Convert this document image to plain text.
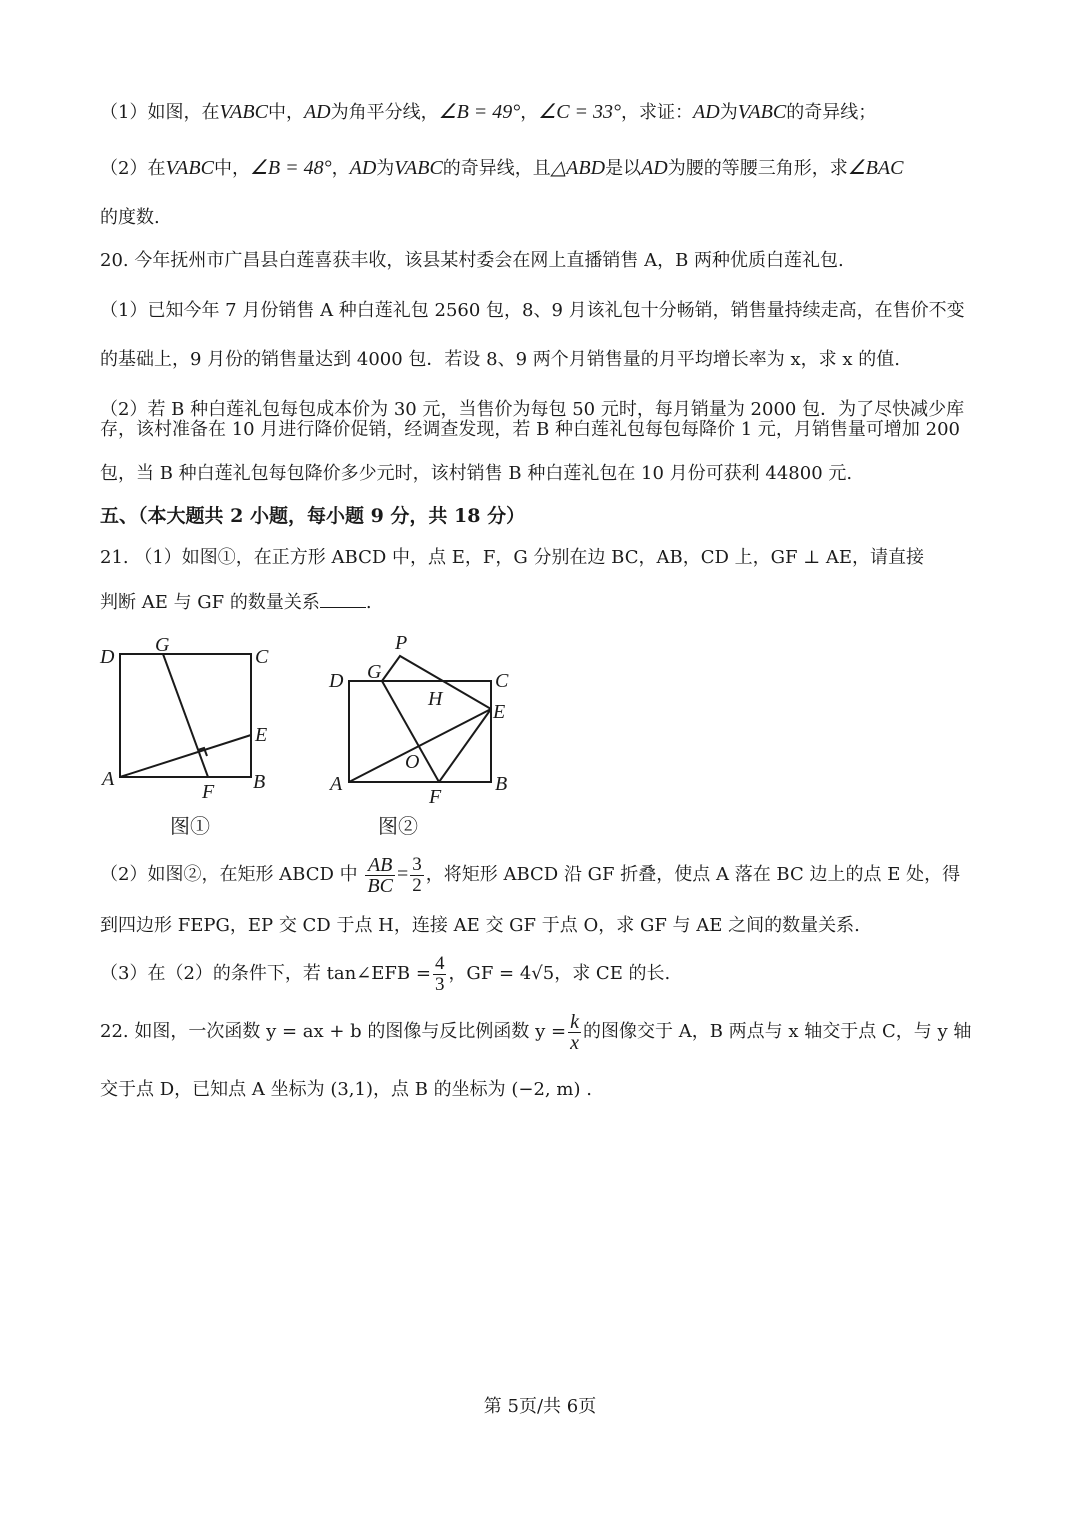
（1）如图，在VABC中，AD为角平分线，∠B = 49°，∠C = 33°，求证：AD为VABC的奇异线；
（2）在VABC中，∠B = 48°，AD为VABC的奇异线，且△ABD是以AD为腰的等腰三角形，求∠BAC
的度数.
20. 今年抚州市广昌县白莲喜获丰收，该县某村委会在网上直播销售 A，B 两种优质白莲礼包.
（1）已知今年 7 月份销售 A 种白莲礼包 2560 包，8、9 月该礼包十分畅销，销售量持续走高，在售价不变
的基础上，9 月份的销售量达到 4000 包．若设 8、9 两个月销售量的月平均增长率为 x，求 x 的值.
（2）若 B 种白莲礼包每包成本价为 30 元，当售价为每包 50 元时，每月销量为 2000 包．为了尽快减少库
存，该村准备在 10 月进行降价促销，经调查发现，若 B 种白莲礼包每包每降价 1 元，月销售量可增加 200
包，当 B 种白莲礼包每包降价多少元时，该村销售 B 种白莲礼包在 10 月份可获利 44800 元.
五、（本大题共 2 小题，每小题 9 分，共 18 分）
21. （1）如图①，在正方形 ABCD 中，点 E，F，G 分别在边 BC，AB，CD 上，GF ⊥ AE，请直接
判断 AE 与 GF 的数量关系	.
D
G
C
E
A
F B
图①
P
D G	C
H
E
O
A
F
B
图②
（2）如图②，在矩形 ABCD 中 $\frac{AB}{BC} = \frac{3}{2}$ ，将矩形 ABCD 沿 GF 折叠，使点 A 落在 BC 边上的点 E 处，得
到四边形 FEPG，EP 交 CD 于点 H，连接 AE 交 GF 于点 O，求 GF 与 AE 之间的数量关系.
（3）在（2）的条件下，若 tan∠EFB = $\frac{4}{3}$ ，GF = 4√5，求 CE 的长.
22. 如图，一次函数 y = ax + b 的图像与反比例函数 $y = \frac{k}{x}$ 的图像交于 A，B 两点与 x 轴交于点 C，与 y 轴
交于点 D，已知点 A 坐标为 (3,1)，点 B 的坐标为 (−2, m) .
第 5页/共 6页
